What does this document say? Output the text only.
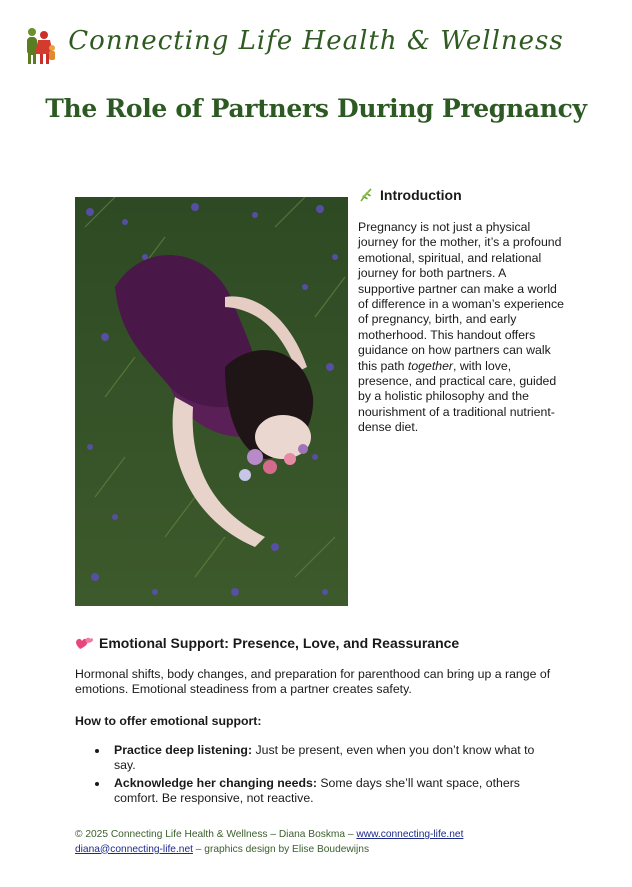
Connecting Life Health & Wellness
The Role of Partners During Pregnancy
Introduction
Pregnancy is not just a physical journey for the mother, it’s a profound emotional, spiritual, and relational journey for both partners. A supportive partner can make a world of difference in a woman’s experience of pregnancy, birth, and early motherhood. This handout offers guidance on how partners can walk this path together, with love, presence, and practical care, guided by a holistic philosophy and the nourishment of a traditional nutrient-dense diet.
Emotional Support: Presence, Love, and Reassurance
Hormonal shifts, body changes, and preparation for parenthood can bring up a range of emotions. Emotional steadiness from a partner creates safety.
How to offer emotional support:
Practice deep listening: Just be present, even when you don’t know what to say.
Acknowledge her changing needs: Some days she’ll want space, others comfort. Be responsive, not reactive.
© 2025 Connecting Life Health & Wellness – Diana Boskma – www.connecting-life.net
diana@connecting-life.net – graphics design by Elise Boudewijns
